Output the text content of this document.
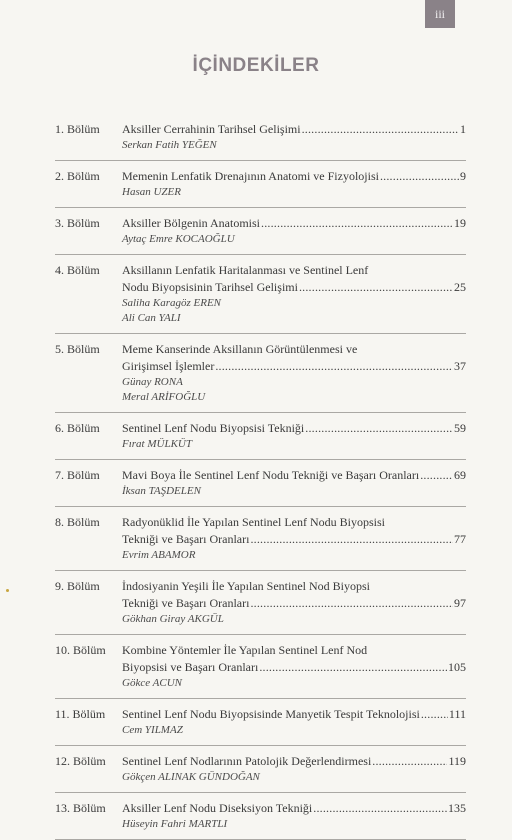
iii
İÇİNDEKİLER
1. Bölüm	Aksiller Cerrahinin Tarihsel Gelişimi .....	1
Serkan Fatih YEĞEN
2. Bölüm	Memenin Lenfatik Drenajının Anatomi ve Fizyolojisi .....	9
Hasan UZER
3. Bölüm	Aksiller Bölgenin Anatomisi .....	19
Aytaç Emre KOCAOĞLU
4. Bölüm	Aksillanın Lenfatik Haritalanması ve Sentinel Lenf
Nodu Biyopsisinin Tarihsel Gelişimi .....	25
Saliha Karagöz EREN
Ali Can YALI
5. Bölüm	Meme Kanserinde Aksillanın Görüntülenmesi ve
Girişimsel İşlemler .....	37
Günay RONA
Meral ARİFOĞLU
6. Bölüm	Sentinel Lenf Nodu Biyopsisi Tekniği .....	59
Fırat MÜLKÜT
7. Bölüm	Mavi Boya İle Sentinel Lenf Nodu Tekniği ve Başarı Oranları .....	69
İksan TAŞDELEN
8. Bölüm	Radyonüklid İle Yapılan Sentinel Lenf Nodu Biyopsisi
Tekniği ve Başarı Oranları .....	77
Evrim ABAMOR
9. Bölüm	İndosiyanin Yeşili İle Yapılan Sentinel Nod Biyopsi
Tekniği ve Başarı Oranları .....	97
Gökhan Giray AKGÜL
10. Bölüm	Kombine Yöntemler İle Yapılan Sentinel Lenf Nod
Biyopsisi ve Başarı Oranları .....	105
Gökce ACUN
11. Bölüm	Sentinel Lenf Nodu Biyopsisinde Manyetik Tespit Teknolojisi ..... 111
Cem YILMAZ
12. Bölüm	Sentinel Lenf Nodlarının Patolojik Değerlendirmesi .....	119
Gökçen ALINAK GÜNDOĞAN
13. Bölüm	Aksiller Lenf Nodu Diseksiyon Tekniği .....	135
Hüseyin Fahri MARTLI
